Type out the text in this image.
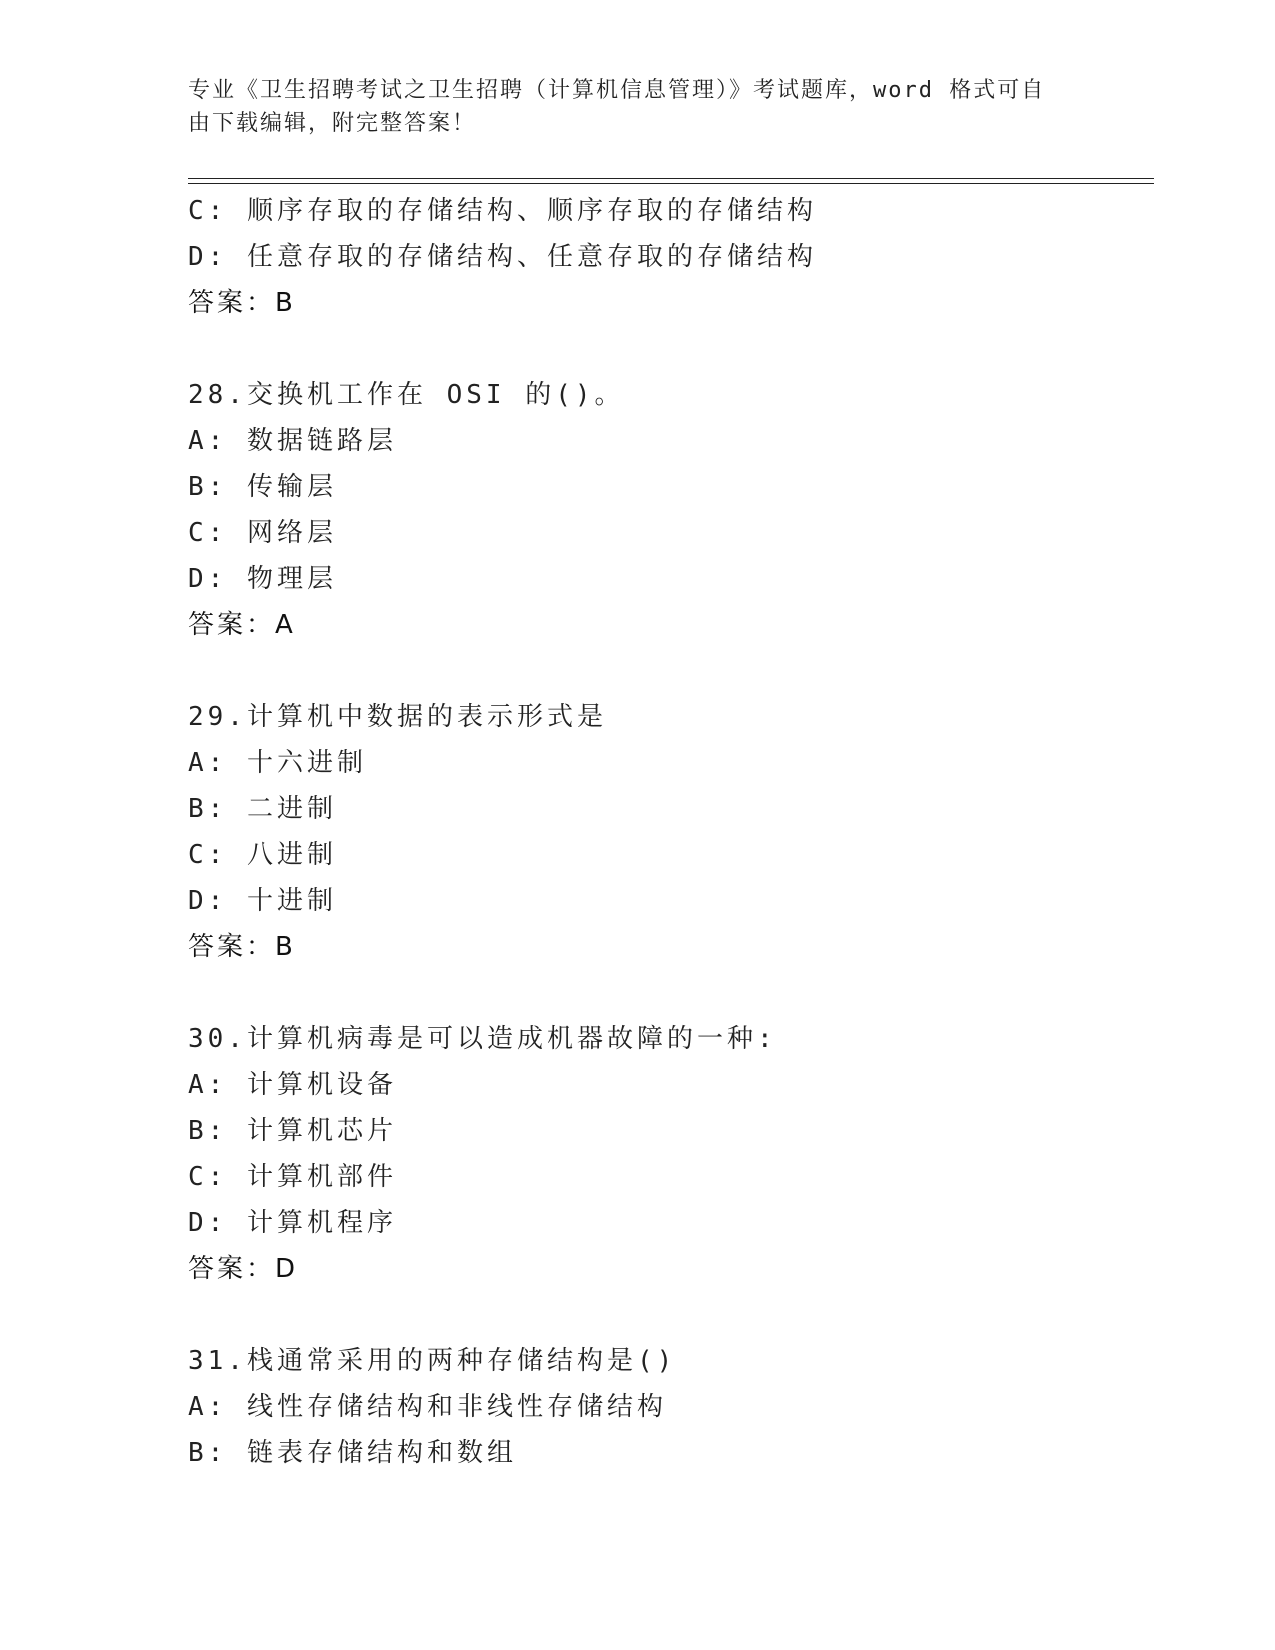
专业《卫生招聘考试之卫生招聘（计算机信息管理）》考试题库，word 格式可自
由下载编辑，附完整答案！
C: 顺序存取的存储结构、顺序存取的存储结构
D: 任意存取的存储结构、任意存取的存储结构
答案：B
28.交换机工作在 OSI 的()。
A: 数据链路层
B: 传输层
C: 网络层
D: 物理层
答案：A
29.计算机中数据的表示形式是
A: 十六进制
B: 二进制
C: 八进制
D: 十进制
答案：B
30.计算机病毒是可以造成机器故障的一种:
A: 计算机设备
B: 计算机芯片
C: 计算机部件
D: 计算机程序
答案：D
31.栈通常采用的两种存储结构是()
A: 线性存储结构和非线性存储结构
B: 链表存储结构和数组
